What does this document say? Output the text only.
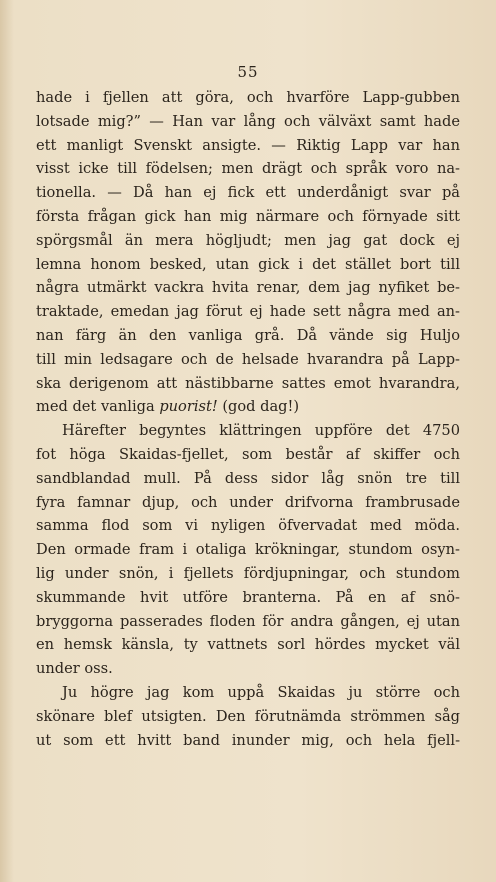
55
hade i fjellen att göra, och hvarföre Lapp-gubben
lotsade mig?” — Han var lång och välväxt samt hade
ett manligt Svenskt ansigte. — Riktig Lapp var han
visst icke till födelsen; men drägt och språk voro na-
tionella. — Då han ej fick ett underdånigt svar på
första frågan gick han mig närmare och förnyade sitt
spörgsmål än mera högljudt; men jag gat dock ej
lemna honom besked, utan gick i det stället bort till
några utmärkt vackra hvita renar, dem jag nyfiket be-
traktade, emedan jag förut ej hade sett några med an-
nan färg än den vanliga grå. Då vände sig Huljo
till min ledsagare och de helsade hvarandra på Lapp-
ska derigenom att nästibbarne sattes emot hvarandra,
med det vanliga puorist! (god dag!)
Härefter begyntes klättringen uppföre det 4750
fot höga Skaidas-fjellet, som består af skiffer och
sandblandad mull. På dess sidor låg snön tre till
fyra famnar djup, och under drifvorna frambrusade
samma flod som vi nyligen öfvervadat med möda.
Den ormade fram i otaliga krökningar, stundom osyn-
lig under snön, i fjellets fördjupningar, och stundom
skummande hvit utföre branterna. På en af snö-
bryggorna passerades floden för andra gången, ej utan
en hemsk känsla, ty vattnets sorl hördes mycket väl
under oss.
Ju högre jag kom uppå Skaidas ju större och
skönare blef utsigten. Den förutnämda strömmen såg
ut som ett hvitt band inunder mig, och hela fjell-
